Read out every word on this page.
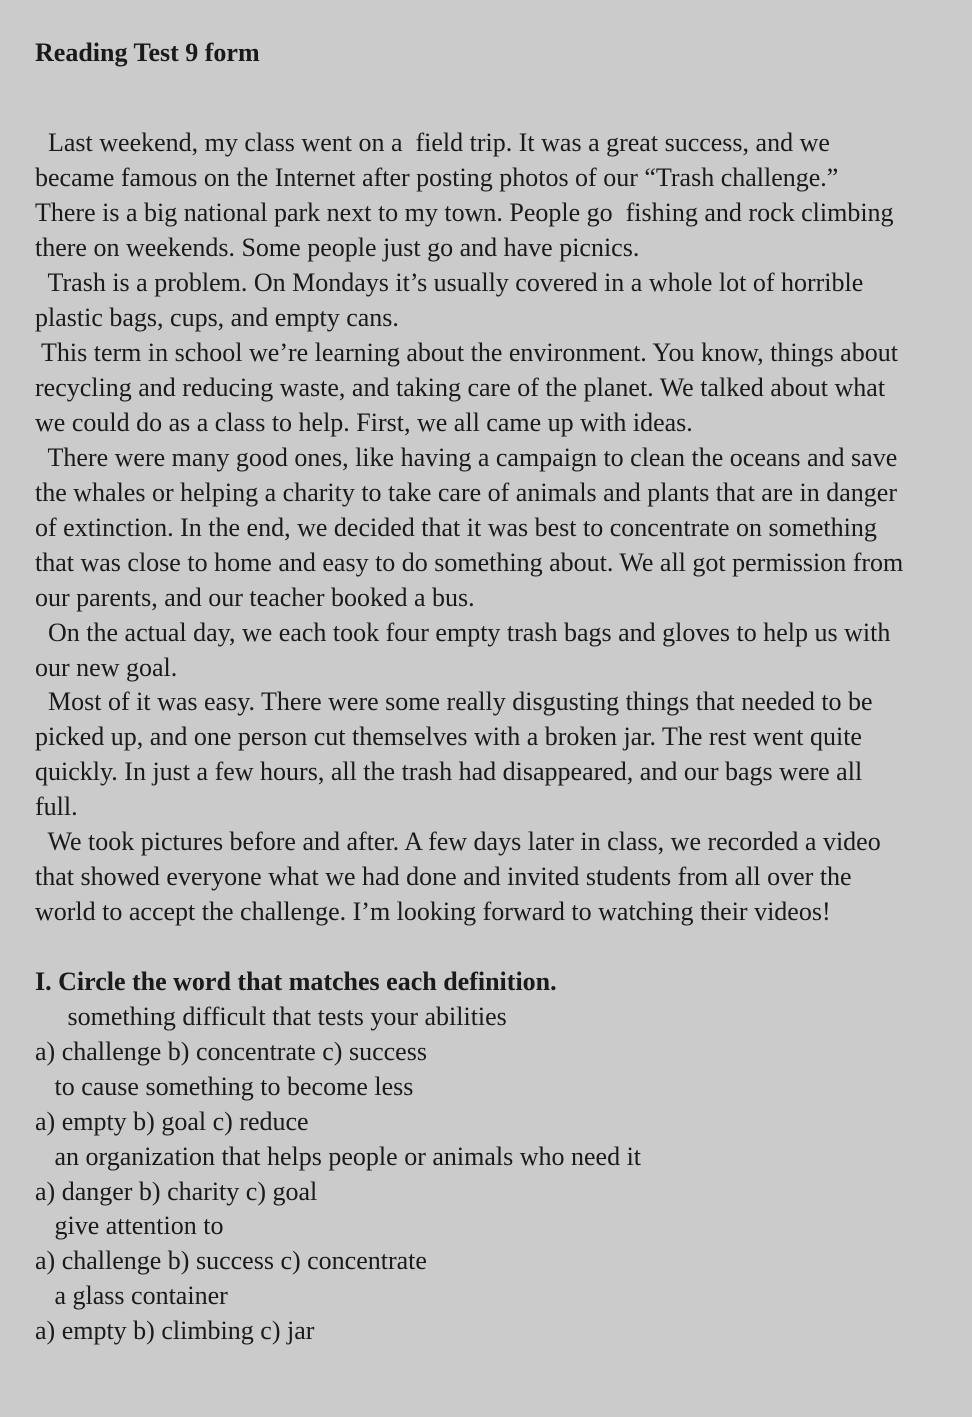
Reading Test 9 form
Last weekend, my class went on a  field trip. It was a great success, and we
became famous on the Internet after posting photos of our “Trash challenge.”
There is a big national park next to my town. People go  fishing and rock climbing
there on weekends. Some people just go and have picnics.
Trash is a problem. On Mondays it’s usually covered in a whole lot of horrible
plastic bags, cups, and empty cans.
This term in school we’re learning about the environment. You know, things about
recycling and reducing waste, and taking care of the planet. We talked about what
we could do as a class to help. First, we all came up with ideas.
There were many good ones, like having a campaign to clean the oceans and save
the whales or helping a charity to take care of animals and plants that are in danger
of extinction. In the end, we decided that it was best to concentrate on something
that was close to home and easy to do something about. We all got permission from
our parents, and our teacher booked a bus.
On the actual day, we each took four empty trash bags and gloves to help us with
our new goal.
Most of it was easy. There were some really disgusting things that needed to be
picked up, and one person cut themselves with a broken jar. The rest went quite
quickly. In just a few hours, all the trash had disappeared, and our bags were all
full.
We took pictures before and after. A few days later in class, we recorded a video
that showed everyone what we had done and invited students from all over the
world to accept the challenge. I’m looking forward to watching their videos!
I. Circle the word that matches each definition.
something difficult that tests your abilities
a) challenge b) concentrate c) success
to cause something to become less
a) empty b) goal c) reduce
an organization that helps people or animals who need it
a) danger b) charity c) goal
give attention to
a) challenge b) success c) concentrate
a glass container
a) empty b) climbing c) jar
